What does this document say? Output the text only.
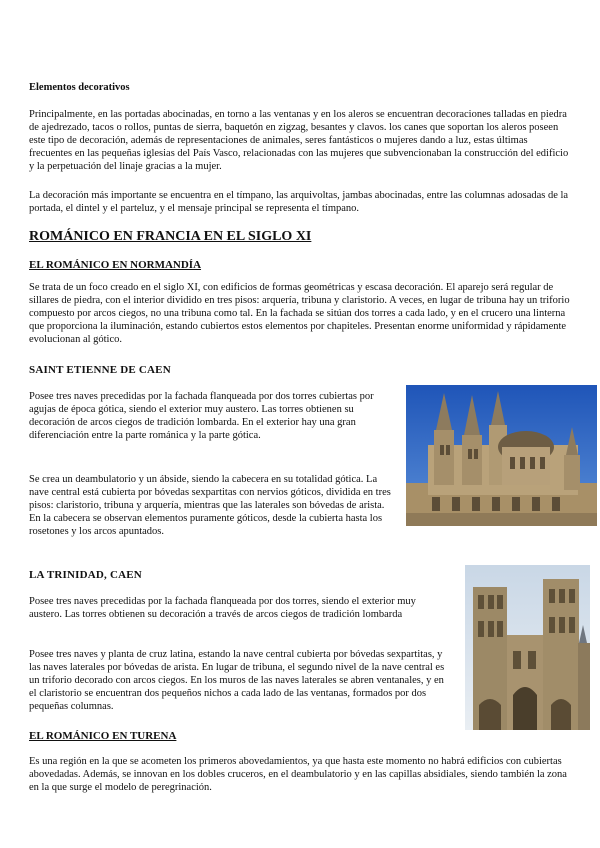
Elementos decorativos

Principalmente, en las portadas abocinadas, en torno a las ventanas y en los aleros se encuentran decoraciones talladas en piedra de ajedrezado, tacos o rollos, puntas de sierra, baquetón en zigzag, besantes y clavos. los canes que soportan los aleros poseen este tipo de decoración, además de representaciones de animales, seres fantásticos o mujeres dando a luz, estas últimas frecuentes en las pequeñas iglesias del País Vasco, relacionadas con las mujeres que subvencionaban la construcción del edificio y la perpetuación del linaje gracias a la mujer.

La decoración más importante se encuentra en el tímpano, las arquivoltas, jambas abocinadas, entre las columnas adosadas de la portada, el dintel y el parteluz, y el mensaje principal se representa el tímpano.

ROMÁNICO EN FRANCIA EN EL SIGLO XI
EL ROMÁNICO EN NORMANDÍA

Se trata de un foco creado en el siglo XI, con edificios de formas geométricas y escasa decoración. El aparejo será regular de sillares de piedra, con el interior dividido en tres pisos: arquería, tribuna y claristorio. A veces, en lugar de tribuna hay un triforio compuesto por arcos ciegos, no una tribuna como tal. En la fachada se sitúan dos torres a cada lado, y en el crucero una linterna que proporciona la iluminación, estando cubiertos estos elementos por chapiteles. Presentan enorme uniformidad y rápidamente evolucionan al gótico.

SAINT ETIENNE DE CAEN

Posee tres naves precedidas por la fachada flanqueada por dos torres cubiertas por agujas de época gótica, siendo el exterior muy austero. Las torres obtienen su decoración de arcos ciegos de tradición lombarda. En el exterior hay una gran diferenciación entre la parte románica y la parte gótica.

Se crea un deambulatorio y un ábside, siendo la cabecera en su totalidad gótica. La nave central está cubierta por bóvedas sexpartitas con nervios góticos, dividida en tres pisos: claristorio, tribuna y arquería, mientras que las laterales son bóvedas de arista. En la cabecera se observan elementos puramente góticos, desde la cubierta hasta los rosetones y los arcos apuntados.

LA TRINIDAD, CAEN

Posee tres naves precedidas por la fachada flanqueada por dos torres, siendo el exterior muy austero. Las torres obtienen su decoración a través de arcos ciegos de tradición lombarda

Posee tres naves y planta de cruz latina, estando la nave central cubierta por bóvedas sexpartitas, y las naves laterales por bóvedas de arista. En lugar de tribuna, el segundo nivel de la nave central es un triforio decorado con arcos ciegos. En los muros de las naves laterales se abren ventanales, y en el claristorio se encuentran dos pequeños nichos a cada lado de las ventanas, formados por dos pequeñas columnas.

EL ROMÁNICO EN TURENA

Es una región en la que se acometen los primeros abovedamientos, ya que hasta este momento no habrá edificios con cubiertas abovedadas. Además, se innovan en los dobles cruceros, en el deambulatorio y en las capillas absidiales, siendo también la zona en la que surge el modelo de peregrinación.
